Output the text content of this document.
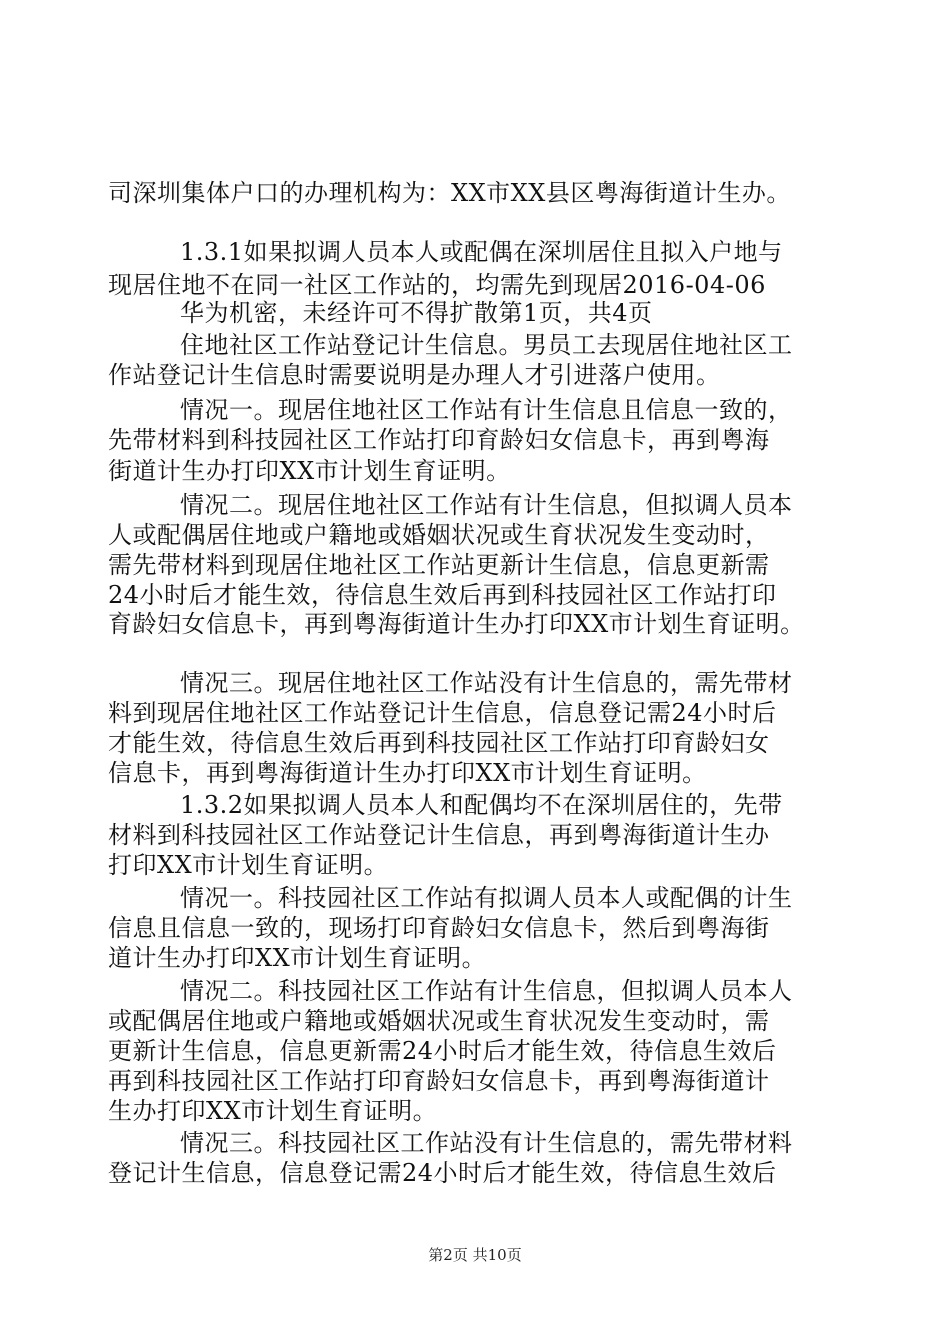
司深圳集体户口的办理机构为：XX市XX县区粤海街道计生办。
1.3.1如果拟调人员本人或配偶在深圳居住且拟入户地与
现居住地不在同一社区工作站的，均需先到现居2016-04-06
华为机密，未经许可不得扩散第1页，共4页
住地社区工作站登记计生信息。男员工去现居住地社区工
作站登记计生信息时需要说明是办理人才引进落户使用。
情况一。现居住地社区工作站有计生信息且信息一致的，
先带材料到科技园社区工作站打印育龄妇女信息卡，再到粤海
街道计生办打印XX市计划生育证明。
情况二。现居住地社区工作站有计生信息，但拟调人员本
人或配偶居住地或户籍地或婚姻状况或生育状况发生变动时，
需先带材料到现居住地社区工作站更新计生信息，信息更新需
24小时后才能生效，待信息生效后再到科技园社区工作站打印
育龄妇女信息卡，再到粤海街道计生办打印XX市计划生育证明。
情况三。现居住地社区工作站没有计生信息的，需先带材
料到现居住地社区工作站登记计生信息，信息登记需24小时后
才能生效，待信息生效后再到科技园社区工作站打印育龄妇女
信息卡，再到粤海街道计生办打印XX市计划生育证明。
1.3.2如果拟调人员本人和配偶均不在深圳居住的，先带
材料到科技园社区工作站登记计生信息，再到粤海街道计生办
打印XX市计划生育证明。
情况一。科技园社区工作站有拟调人员本人或配偶的计生
信息且信息一致的，现场打印育龄妇女信息卡，然后到粤海街
道计生办打印XX市计划生育证明。
情况二。科技园社区工作站有计生信息，但拟调人员本人
或配偶居住地或户籍地或婚姻状况或生育状况发生变动时，需
更新计生信息，信息更新需24小时后才能生效，待信息生效后
再到科技园社区工作站打印育龄妇女信息卡，再到粤海街道计
生办打印XX市计划生育证明。
情况三。科技园社区工作站没有计生信息的，需先带材料
登记计生信息，信息登记需24小时后才能生效，待信息生效后
第2页 共10页
